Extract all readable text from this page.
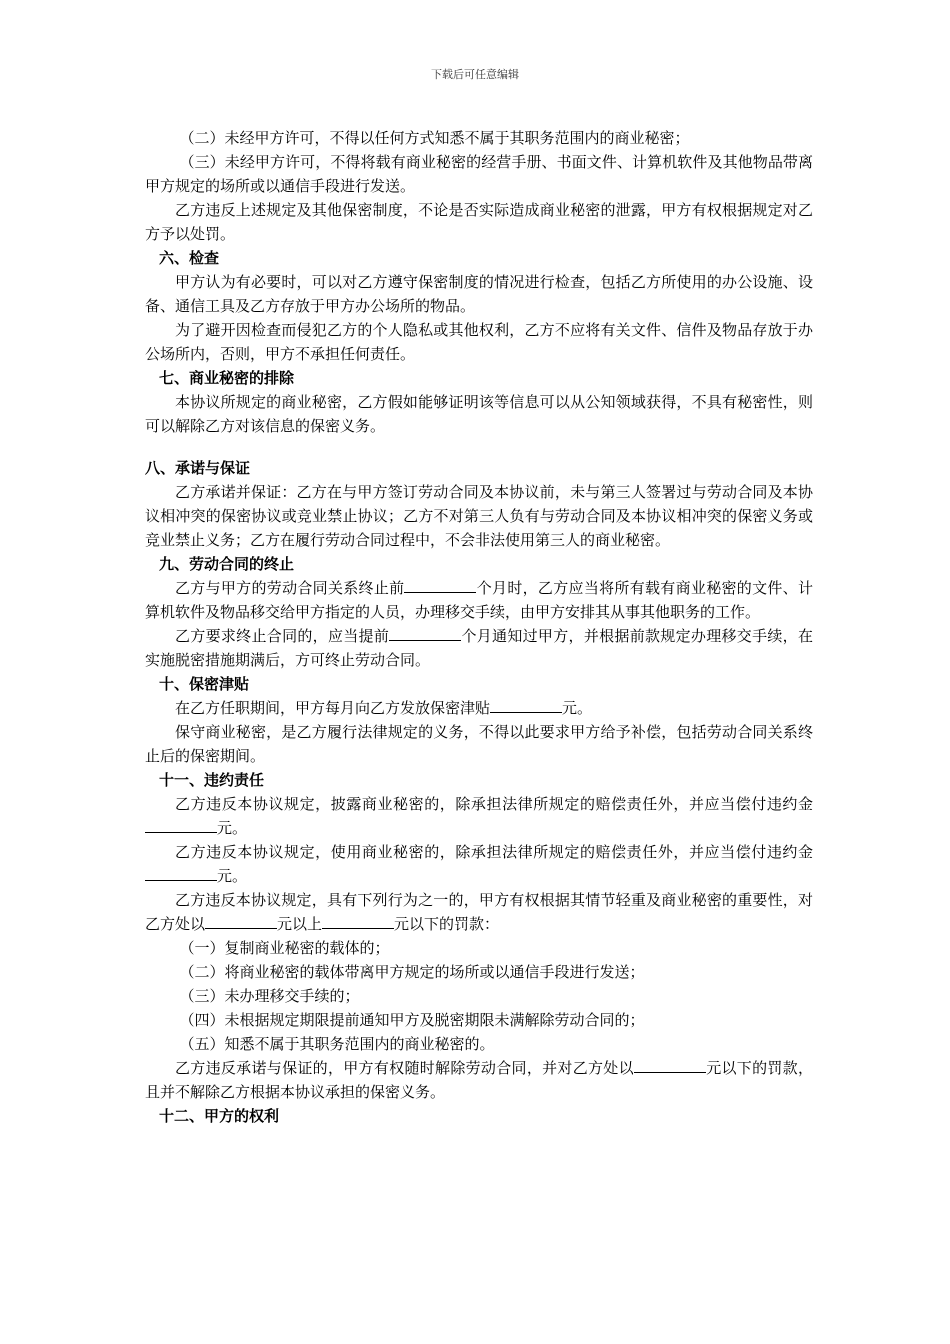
下载后可任意编辑

（二）未经甲方许可，不得以任何方式知悉不属于其职务范围内的商业秘密；

（三）未经甲方许可，不得将载有商业秘密的经营手册、书面文件、计算机软件及其他物品带离甲方规定的场所或以通信手段进行发送。

乙方违反上述规定及其他保密制度，不论是否实际造成商业秘密的泄露，甲方有权根据规定对乙方予以处罚。

六、检查

甲方认为有必要时，可以对乙方遵守保密制度的情况进行检查，包括乙方所使用的办公设施、设备、通信工具及乙方存放于甲方办公场所的物品。

为了避开因检查而侵犯乙方的个人隐私或其他权利，乙方不应将有关文件、信件及物品存放于办公场所内，否则，甲方不承担任何责任。

七、商业秘密的排除

本协议所规定的商业秘密，乙方假如能够证明该等信息可以从公知领域获得，不具有秘密性，则可以解除乙方对该信息的保密义务。

八、承诺与保证

乙方承诺并保证：乙方在与甲方签订劳动合同及本协议前，未与第三人签署过与劳动合同及本协议相冲突的保密协议或竞业禁止协议；乙方不对第三人负有与劳动合同及本协议相冲突的保密义务或竞业禁止义务；乙方在履行劳动合同过程中，不会非法使用第三人的商业秘密。

九、劳动合同的终止

乙方与甲方的劳动合同关系终止前	个月时，乙方应当将所有载有商业秘密的文件、计算机软件及物品移交给甲方指定的人员，办理移交手续，由甲方安排其从事其他职务的工作。

乙方要求终止合同的，应当提前	个月通知过甲方，并根据前款规定办理移交手续，在实施脱密措施期满后，方可终止劳动合同。

十、保密津贴

在乙方任职期间，甲方每月向乙方发放保密津贴	元。

保守商业秘密，是乙方履行法律规定的义务，不得以此要求甲方给予补偿，包括劳动合同关系终止后的保密期间。

十一、违约责任

乙方违反本协议规定，披露商业秘密的，除承担法律所规定的赔偿责任外，并应当偿付违约金元。

乙方违反本协议规定，使用商业秘密的，除承担法律所规定的赔偿责任外，并应当偿付违约金元。

乙方违反本协议规定，具有下列行为之一的，甲方有权根据其情节轻重及商业秘密的重要性，对乙方处以	元以上	元以下的罚款：

（一）复制商业秘密的载体的；

（二）将商业秘密的载体带离甲方规定的场所或以通信手段进行发送；

（三）未办理移交手续的；

（四）未根据规定期限提前通知甲方及脱密期限未满解除劳动合同的；

（五）知悉不属于其职务范围内的商业秘密的。

乙方违反承诺与保证的，甲方有权随时解除劳动合同，并对乙方处以	元以下的罚款，且并不解除乙方根据本协议承担的保密义务。

十二、甲方的权利
